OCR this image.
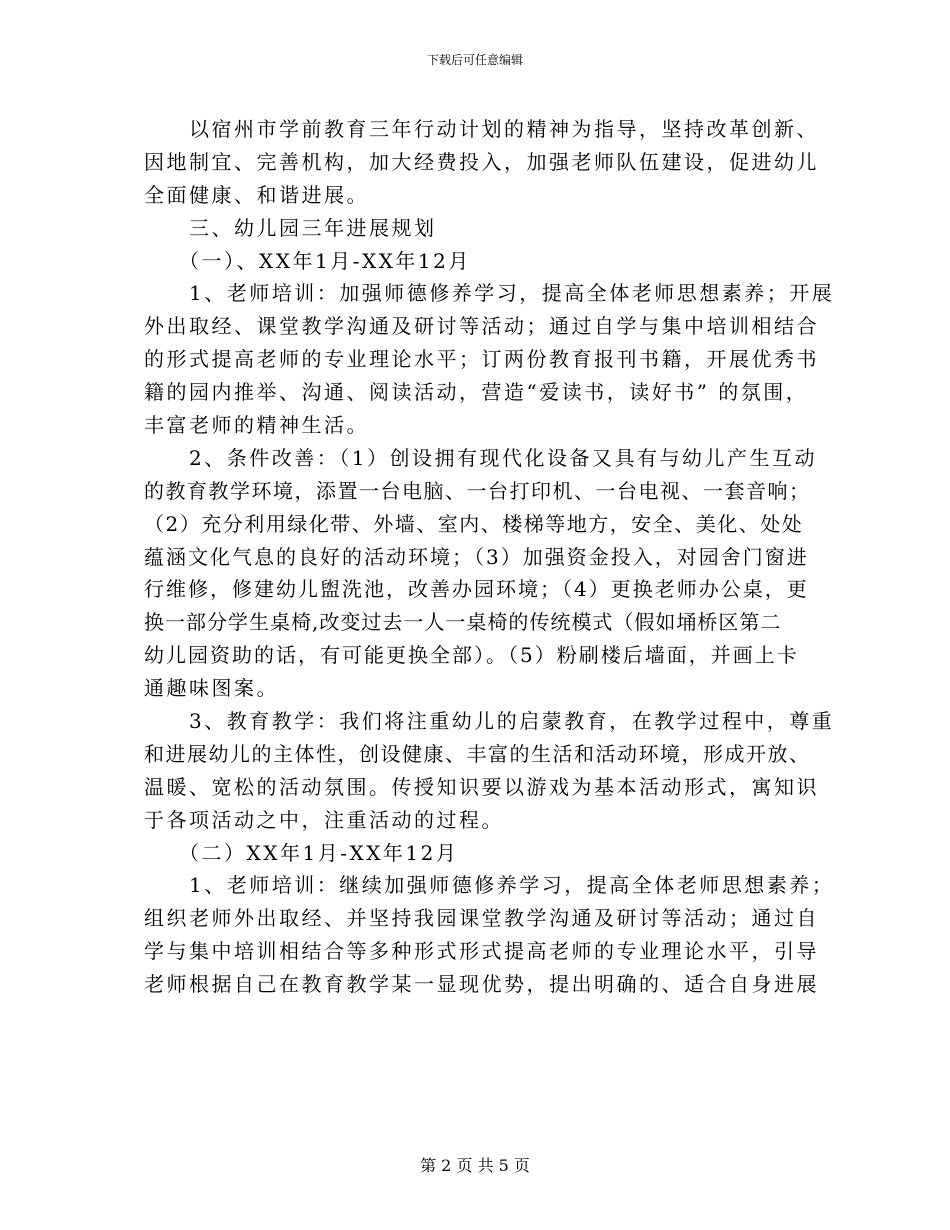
下载后可任意编辑
　　以宿州市学前教育三年行动计划的精神为指导，坚持改革创新、
因地制宜、完善机构，加大经费投入，加强老师队伍建设，促进幼儿
全面健康、和谐进展。
　　三、幼儿园三年进展规划
　　（一）、XX年1月-XX年12月
　　1、老师培训：加强师德修养学习，提高全体老师思想素养；开展
外出取经、课堂教学沟通及研讨等活动；通过自学与集中培训相结合
的形式提高老师的专业理论水平；订两份教育报刊书籍，开展优秀书
籍的园内推举、沟通、阅读活动，营造“爱读书，读好书” 的氛围，
丰富老师的精神生活。
　　2、条件改善：（1）创设拥有现代化设备又具有与幼儿产生互动
的教育教学环境，添置一台电脑、一台打印机、一台电视、一套音响；
（2）充分利用绿化带、外墙、室内、楼梯等地方，安全、美化、处处
蕴涵文化气息的良好的活动环境；（3）加强资金投入，对园舍门窗进
行维修，修建幼儿盥洗池，改善办园环境；（4）更换老师办公桌，更
换一部分学生桌椅,改变过去一人一桌椅的传统模式（假如埇桥区第二
幼儿园资助的话，有可能更换全部）。（5）粉刷楼后墙面，并画上卡
通趣味图案。
　　3、教育教学：我们将注重幼儿的启蒙教育，在教学过程中，尊重
和进展幼儿的主体性，创设健康、丰富的生活和活动环境，形成开放、
温暖、宽松的活动氛围。传授知识要以游戏为基本活动形式，寓知识
于各项活动之中，注重活动的过程。
　　（二）XX年1月-XX年12月
　　1、老师培训：继续加强师德修养学习，提高全体老师思想素养；
组织老师外出取经、并坚持我园课堂教学沟通及研讨等活动；通过自
学与集中培训相结合等多种形式形式提高老师的专业理论水平，引导
老师根据自己在教育教学某一显现优势，提出明确的、适合自身进展
第 2 页 共 5 页
